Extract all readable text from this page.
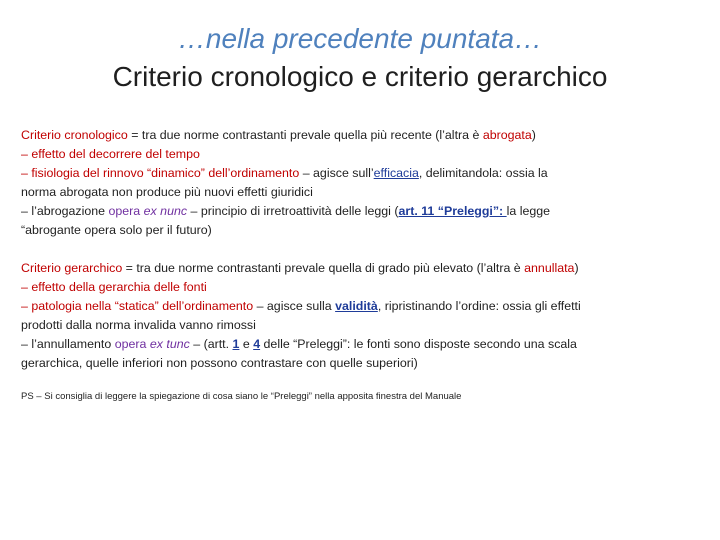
…nella precedente puntata…
Criterio cronologico e criterio gerarchico
Criterio cronologico = tra due norme contrastanti prevale quella più recente (l’altra è abrogata)
– effetto del decorrere del tempo
– fisiologia del rinnovo “dinamico” dell’ordinamento – agisce sull’efficacia, delimitandola: ossia la
norma abrogata non produce più nuovi effetti giuridici
– l’abrogazione opera ex nunc – principio di irretroattività delle leggi (art. 11 “Preleggi”: la legge
“abrogante opera solo per il futuro)
Criterio gerarchico = tra due norme contrastanti prevale quella di grado più elevato (l’altra è annullata)
– effetto della gerarchia delle fonti
– patologia nella “statica” dell’ordinamento – agisce sulla validità, ripristinando l’ordine: ossia gli effetti
prodotti dalla norma invalida vanno rimossi
– l’annullamento opera ex tunc – (artt. 1 e 4 delle “Preleggi”: le fonti sono disposte secondo una scala
gerarchica, quelle inferiori non possono contrastare con quelle superiori)
PS – Si consiglia di leggere la spiegazione di cosa siano le “Preleggi” nella apposita finestra del Manuale
